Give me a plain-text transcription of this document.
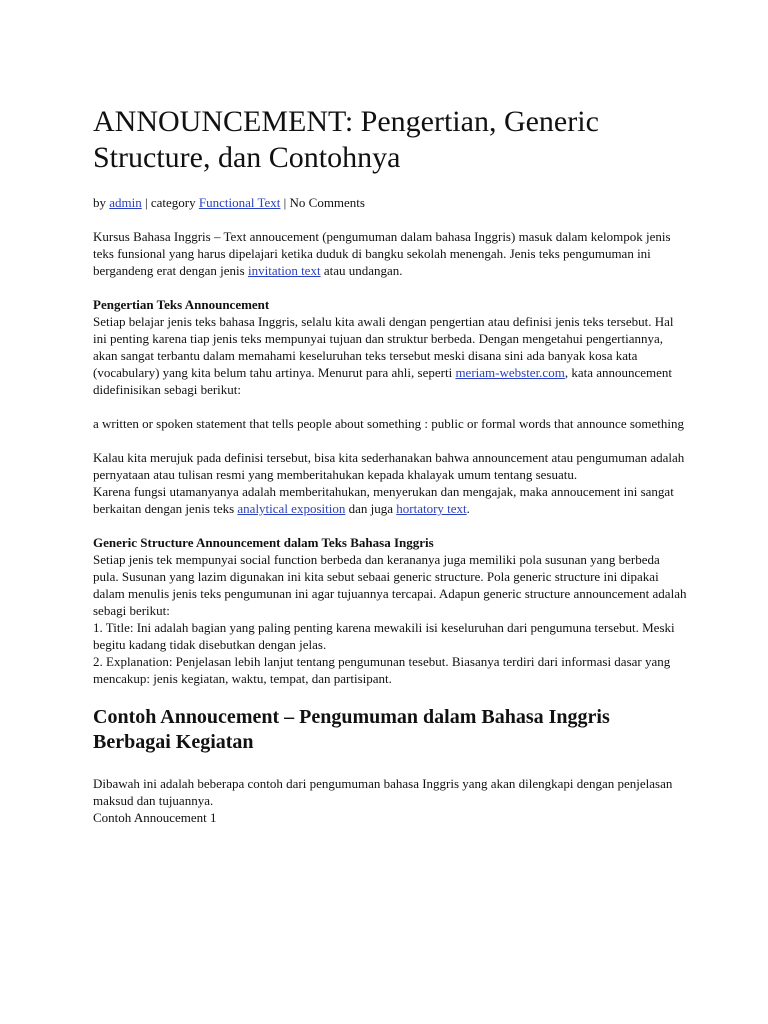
ANNOUNCEMENT: Pengertian, Generic Structure, dan Contohnya
by admin | category Functional Text | No Comments

Kursus Bahasa Inggris – Text annoucement (pengumuman dalam bahasa Inggris) masuk dalam kelompok jenis teks funsional yang harus dipelajari ketika duduk di bangku sekolah menengah. Jenis teks pengumuman ini bergandeng erat dengan jenis invitation text atau undangan.

Pengertian Teks Announcement

Setiap belajar jenis teks bahasa Inggris, selalu kita awali dengan pengertian atau definisi jenis teks tersebut. Hal ini penting karena tiap jenis teks mempunyai tujuan dan struktur berbeda. Dengan mengetahui pengertiannya, akan sangat terbantu dalam memahami keseluruhan teks tersebut meski disana sini ada banyak kosa kata (vocabulary) yang kita belum tahu artinya. Menurut para ahli, seperti meriam-webster.com, kata announcement didefinisikan sebagi berikut:

a written or spoken statement that tells people about something : public or formal words that announce something

Kalau kita merujuk pada definisi tersebut, bisa kita sederhanakan bahwa announcement atau pengumuman adalah pernyataan atau tulisan resmi yang memberitahukan kepada khalayak umum tentang sesuatu.

Karena fungsi utamanyanya adalah memberitahukan, menyerukan dan mengajak, maka annoucement ini sangat berkaitan dengan jenis teks analytical exposition dan juga hortatory text.

Generic Structure Announcement dalam Teks Bahasa Inggris
Setiap jenis tek mempunyai social function berbeda dan kerananya juga memiliki pola susunan yang berbeda pula. Susunan yang lazim digunakan ini kita sebut sebaai generic structure. Pola generic structure ini dipakai dalam menulis jenis teks pengumunan ini agar tujuannya tercapai. Adapun generic structure announcement adalah sebagi berikut:
1. Title: Ini adalah bagian yang paling penting karena mewakili isi keseluruhan dari pengumuna tersebut. Meski begitu kadang tidak disebutkan dengan jelas.
2. Explanation: Penjelasan lebih lanjut tentang pengumunan tesebut. Biasanya terdiri dari informasi dasar yang mencakup: jenis kegiatan, waktu, tempat, dan partisipant.
Contoh Annoucement – Pengumuman dalam Bahasa Inggris Berbagai Kegiatan
Dibawah ini adalah beberapa contoh dari pengumuman bahasa Inggris yang akan dilengkapi dengan penjelasan maksud dan tujuannya.
Contoh Annoucement 1
